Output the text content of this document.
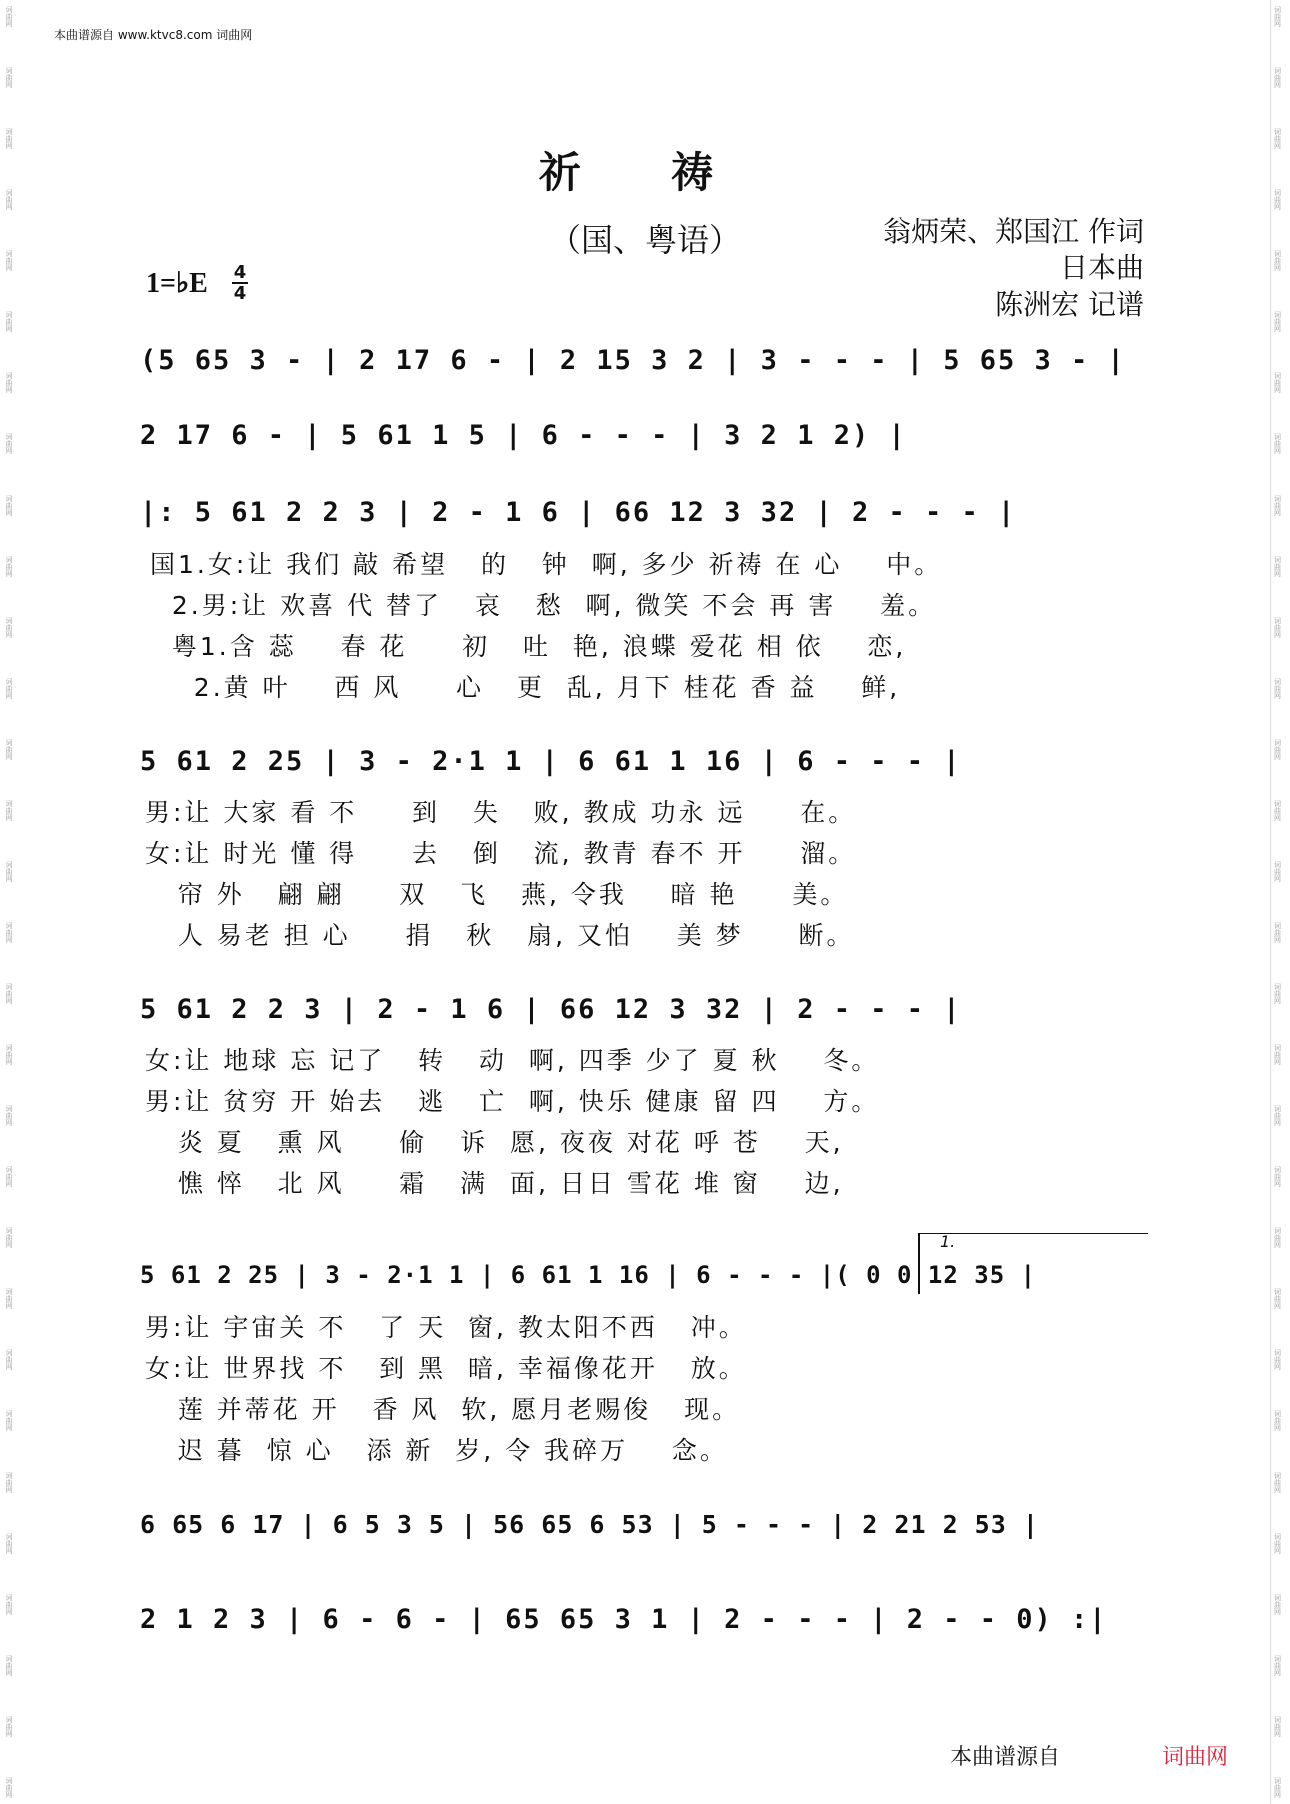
词曲网
词曲网
词曲网
词曲网
词曲网
词曲网
词曲网
词曲网
词曲网
词曲网
词曲网
词曲网
词曲网
词曲网
词曲网
词曲网
词曲网
词曲网
词曲网
词曲网
词曲网
词曲网
词曲网
词曲网
词曲网
词曲网
词曲网
词曲网
词曲网
词曲网
词曲网
词曲网
词曲网
词曲网
词曲网
词曲网
词曲网
词曲网
词曲网
词曲网
词曲网
词曲网
词曲网
词曲网
词曲网
词曲网
词曲网
词曲网
词曲网
词曲网
词曲网
词曲网
词曲网
词曲网
词曲网
词曲网
词曲网
词曲网
词曲网
词曲网
本曲谱源自 www.ktvc8.com 词曲网
祈 祷
（国、粤语）	翁炳荣、郑国江 作词
日本曲
陈洲宏 记谱
1=♭E 4
4
(5 65 3 - | 2 17 6 - | 2 15 3 2 | 3 - - - | 5 65 3 - |
2 17 6 - | 5 61 1 5 | 6 - - - | 3 2 1 2) |
|: 5 61 2 2 3 | 2 - 1 6 | 66 12 3 32 | 2 - - - |
国1.女:让 我们 敲 希望   的   钟  啊, 多少 祈祷 在 心    中。
2.男:让 欢喜 代 替了   哀   愁  啊, 微笑 不会 再 害    羞。
粤1.含 蕊    春 花     初   吐  艳, 浪蝶 爱花 相 依    恋,
2.黄 叶    西 风     心   更  乱, 月下 桂花 香 益    鲜,
5 61 2 25 | 3 - 2·1 1 | 6 61 1 16 | 6 - - - |
男:让 大家 看 不     到   失   败, 教成 功永 远     在。
女:让 时光 懂 得     去   倒   流, 教青 春不 开     溜。
帘 外   翩 翩     双   飞   燕, 令我    暗 艳     美。
人 易老 担 心     捐   秋   扇, 又怕    美 梦     断。
5 61 2 2 3 | 2 - 1 6 | 66 12 3 32 | 2 - - - |
女:让 地球 忘 记了   转   动  啊, 四季 少了 夏 秋    冬。
男:让 贫穷 开 始去   逃   亡  啊, 快乐 健康 留 四    方。
炎 夏   熏 风     偷   诉  愿, 夜夜 对花 呼 苍    天,
憔 悴   北 风     霜   满  面, 日日 雪花 堆 窗    边,
1.
5 61 2 25 | 3 - 2·1 1 | 6 61 1 16 | 6 - - - |( 0 0 12 35 |
男:让 宇宙关 不   了 天  窗, 教太阳不西   冲。
女:让 世界找 不   到 黑  暗, 幸福像花开   放。
莲 并蒂花 开   香 风  软, 愿月老赐俊   现。
迟 暮  惊 心   添 新  岁, 令 我碎万    念。
6 65 6 17 | 6 5 3 5 | 56 65 6 53 | 5 - - - | 2 21 2 53 |
2 1 2 3 | 6 - 6 - | 65 65 3 1 | 2 - - - | 2 - - 0) :|
本曲谱源自	词曲网
